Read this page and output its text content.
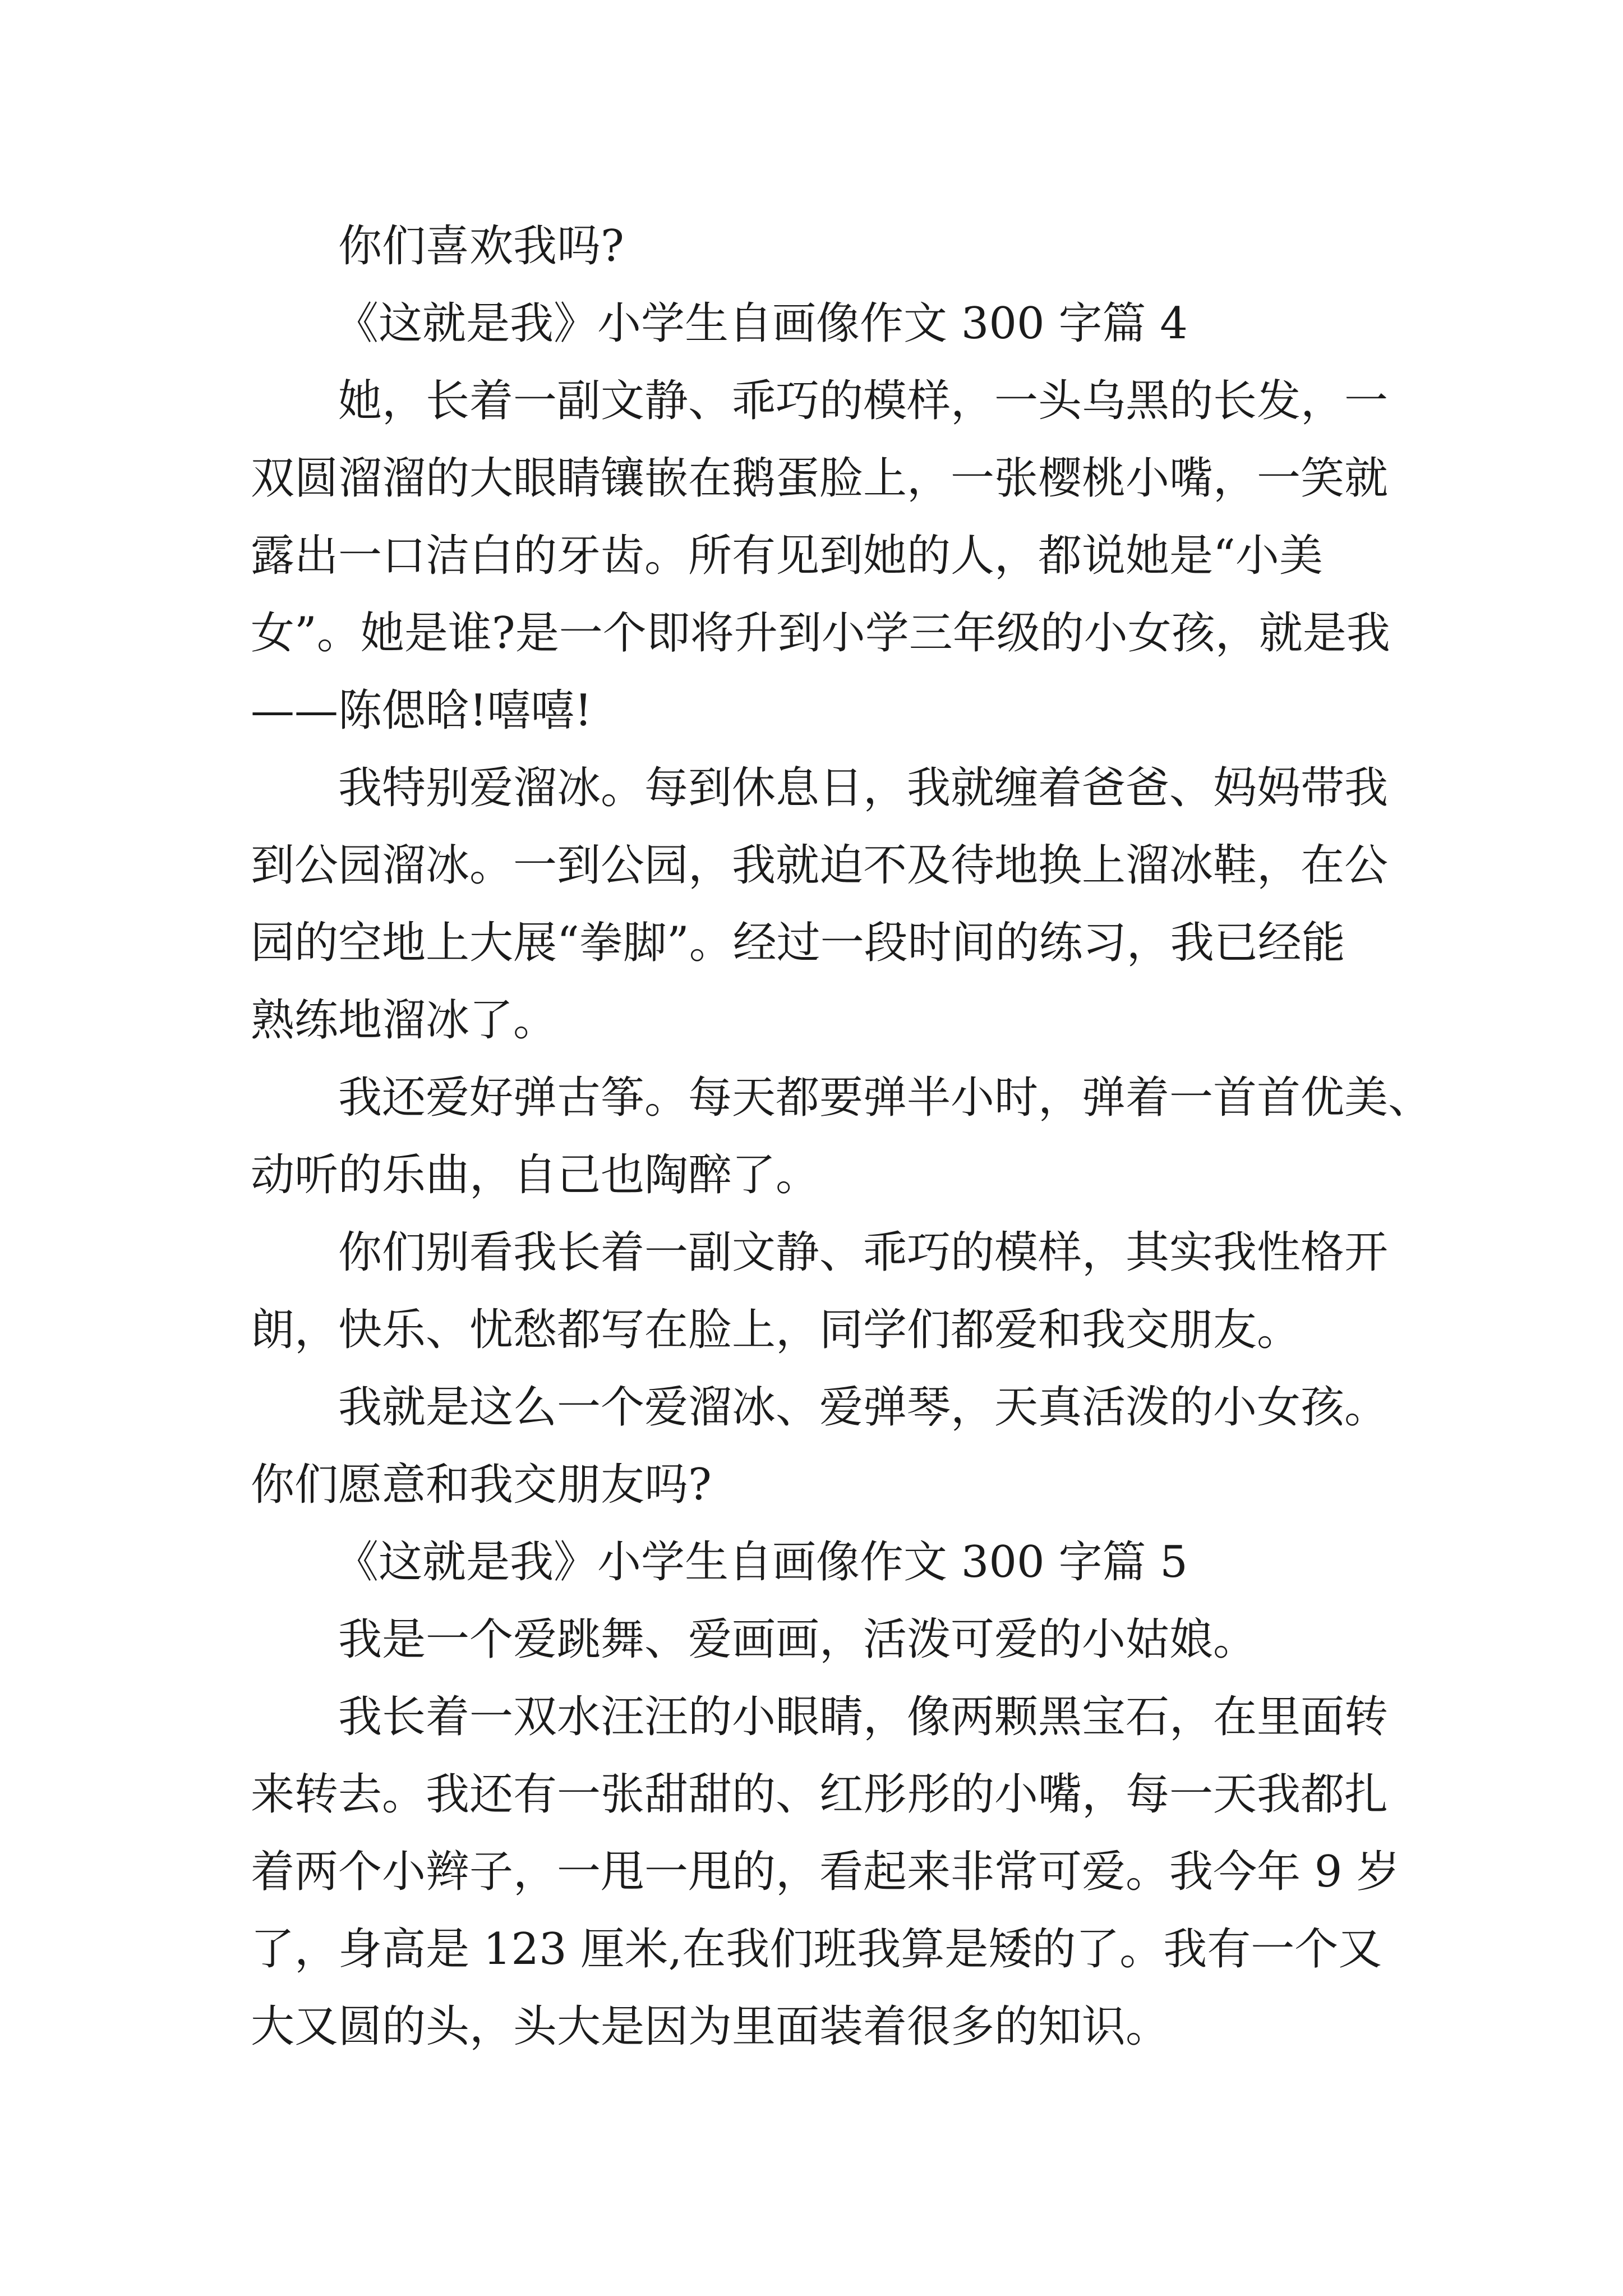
你们喜欢我吗?
《这就是我》小学生自画像作文 300 字篇 4
她，长着一副文静、乖巧的模样，一头乌黑的长发，一
双圆溜溜的大眼睛镶嵌在鹅蛋脸上，一张樱桃小嘴，一笑就
露出一口洁白的牙齿。所有见到她的人，都说她是“小美
女”。她是谁?是一个即将升到小学三年级的小女孩，就是我
——陈偲晗!嘻嘻!
我特别爱溜冰。每到休息日，我就缠着爸爸、妈妈带我
到公园溜冰。一到公园，我就迫不及待地换上溜冰鞋，在公
园的空地上大展“拳脚”。经过一段时间的练习，我已经能
熟练地溜冰了。
我还爱好弹古筝。每天都要弹半小时，弹着一首首优美、
动听的乐曲，自己也陶醉了。
你们别看我长着一副文静、乖巧的模样，其实我性格开
朗，快乐、忧愁都写在脸上，同学们都爱和我交朋友。
我就是这么一个爱溜冰、爱弹琴，天真活泼的小女孩。
你们愿意和我交朋友吗?
《这就是我》小学生自画像作文 300 字篇 5
我是一个爱跳舞、爱画画，活泼可爱的小姑娘。
我长着一双水汪汪的小眼睛，像两颗黑宝石，在里面转
来转去。我还有一张甜甜的、红彤彤的小嘴，每一天我都扎
着两个小辫子，一甩一甩的，看起来非常可爱。我今年 9 岁
了，身高是 123 厘米,在我们班我算是矮的了。我有一个又
大又圆的头，头大是因为里面装着很多的知识。
